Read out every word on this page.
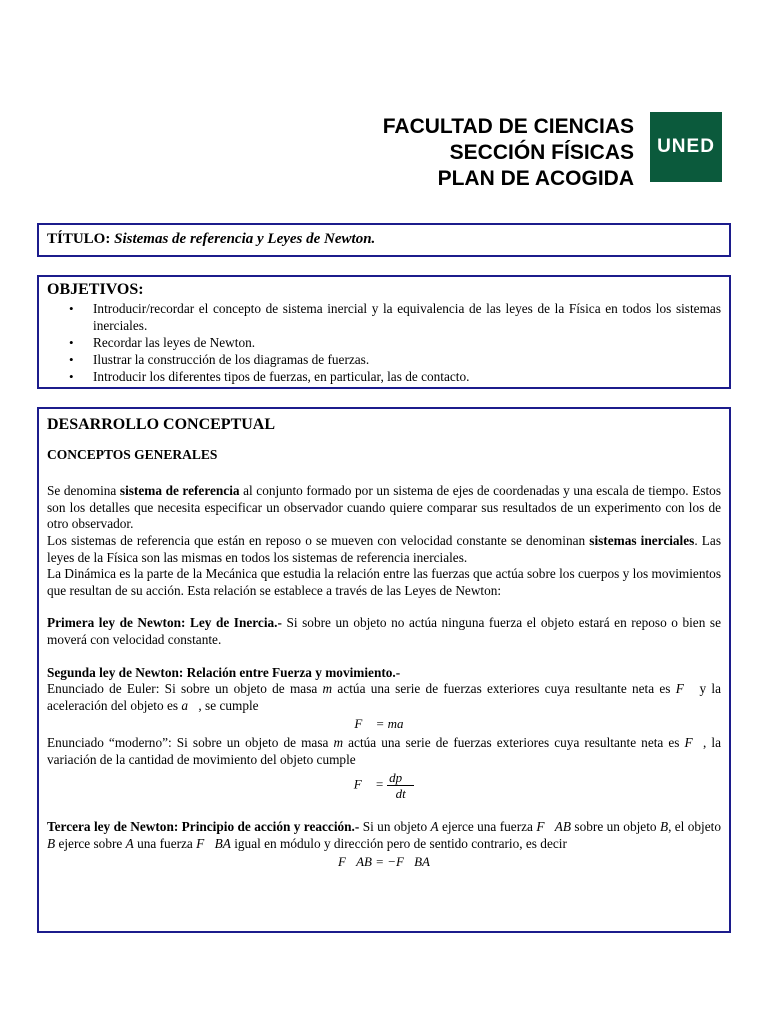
FACULTAD DE CIENCIAS
SECCIÓN FÍSICAS
PLAN DE ACOGIDA
UNED
TÍTULO: Sistemas de referencia y Leyes de Newton.
OBJETIVOS:
• Introducir/recordar el concepto de sistema inercial y la equivalencia de las leyes de la Física en todos los sistemas inerciales.
• Recordar las leyes de Newton.
• Ilustrar la construcción de los diagramas de fuerzas.
• Introducir los diferentes tipos de fuerzas, en particular, las de contacto.
DESARROLLO CONCEPTUAL
CONCEPTOS GENERALES

Se denomina sistema de referencia al conjunto formado por un sistema de ejes de coordenadas y una escala de tiempo. Estos son los detalles que necesita especificar un observador cuando quiere comparar sus resultados de un experimento con los de otro observador.

Los sistemas de referencia que están en reposo o se mueven con velocidad constante se denominan sistemas inerciales. Las leyes de la Física son las mismas en todos los sistemas de referencia inerciales.

La Dinámica es la parte de la Mecánica que estudia la relación entre las fuerzas que actúa sobre los cuerpos y los movimientos que resultan de su acción. Esta relación se establece a través de las Leyes de Newton:

Primera ley de Newton: Ley de Inercia.- Si sobre un objeto no actúa ninguna fuerza el objeto estará en reposo o bien se moverá con velocidad constante.

Segunda ley de Newton: Relación entre Fuerza y movimiento.-

Enunciado de Euler: Si sobre un objeto de masa m actúa una serie de fuerzas exteriores cuya resultante neta es F⃗ y la aceleración del objeto es a⃗, se cumple

F⃗ = ma⃗

Enunciado “moderno”: Si sobre un objeto de masa m actúa una serie de fuerzas exteriores cuya resultante neta es F⃗, la variación de la cantidad de movimiento del objeto cumple

F⃗ = $\frac{dp⃗}{dt}$

Tercera ley de Newton: Principio de acción y reacción.- Si un objeto A ejerce una fuerza F⃗AB sobre un objeto B, el objeto B ejerce sobre A una fuerza F⃗BA igual en módulo y dirección pero de sentido contrario, es decir

F⃗AB = −F⃗BA
